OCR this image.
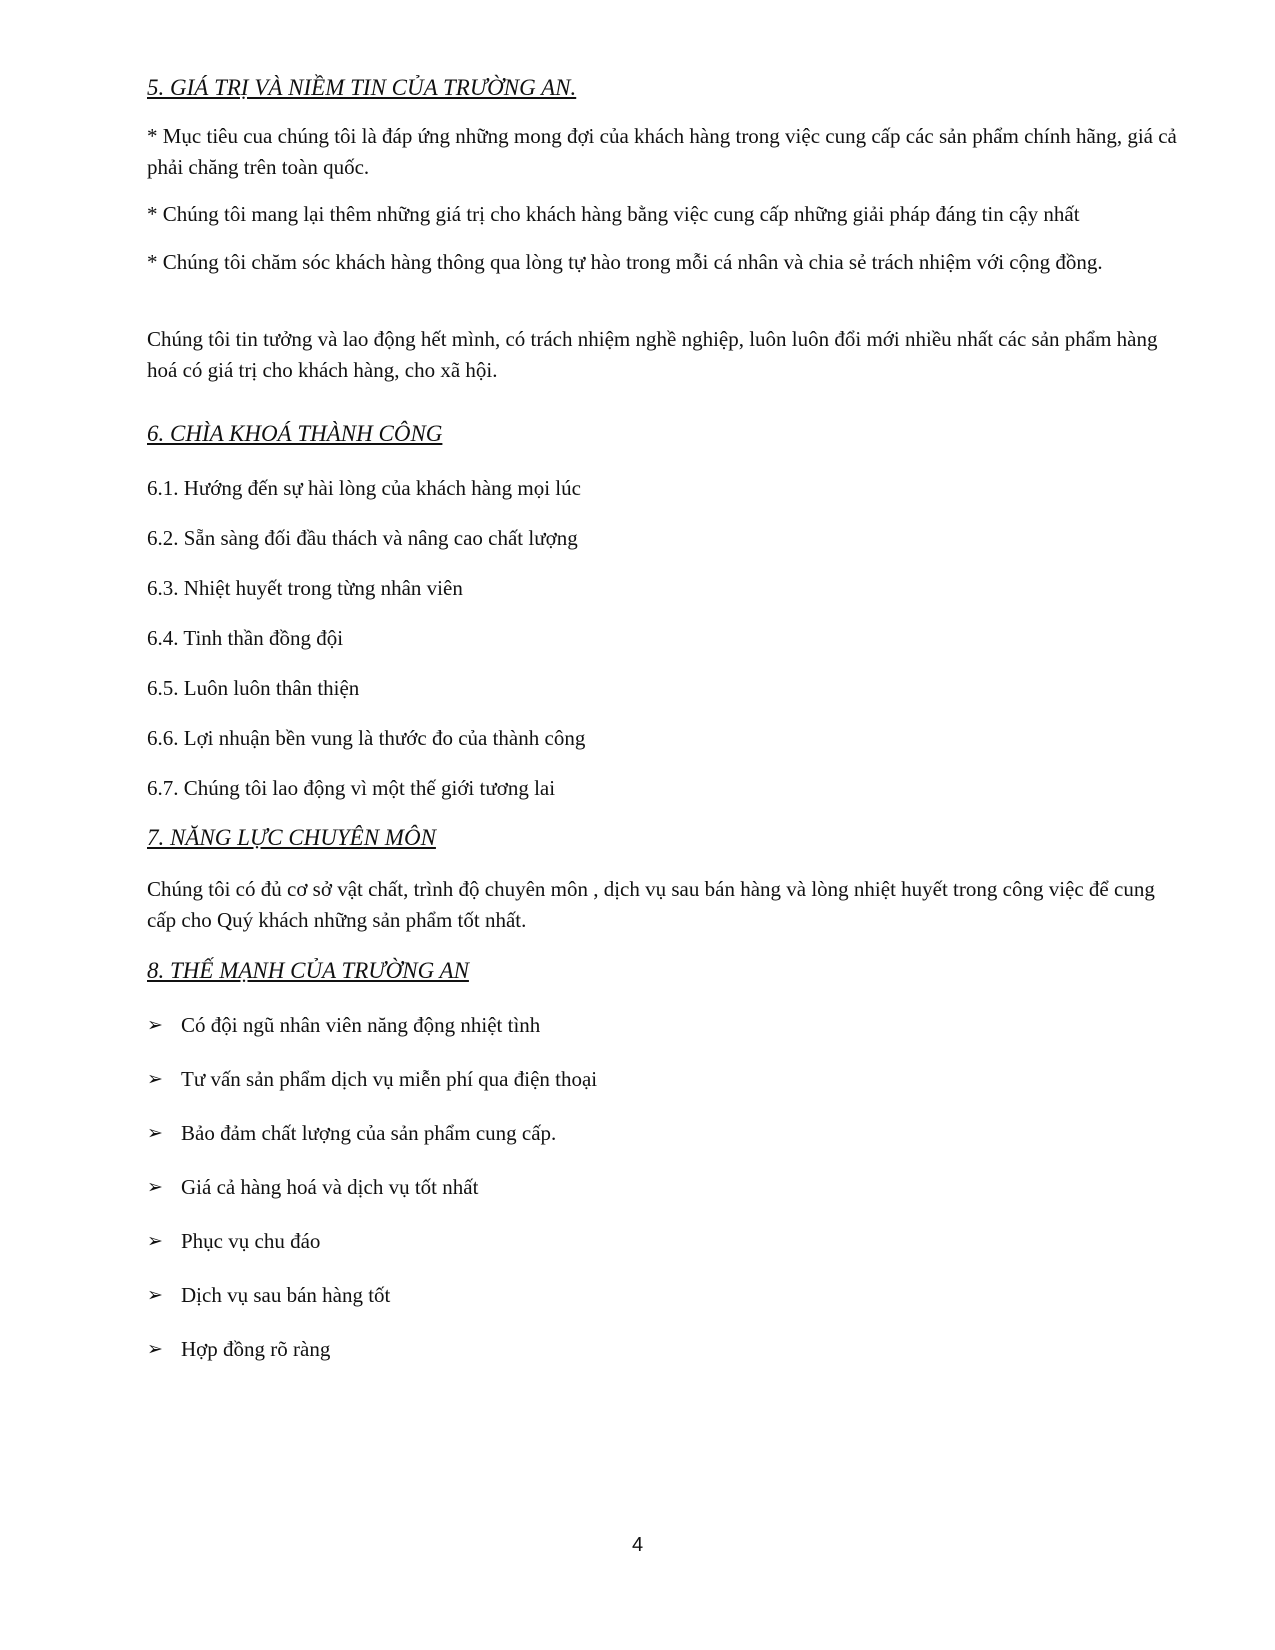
5. GIÁ TRỊ VÀ NIỀM TIN CỦA TRƯỜNG AN.

* Mục tiêu cua chúng tôi là đáp ứng những mong đợi của khách hàng trong việc cung cấp các sản phẩm chính hãng, giá cả phải chăng trên toàn quốc.

* Chúng tôi mang lại thêm những giá trị cho khách hàng bằng việc cung cấp những giải pháp đáng tin cậy nhất

* Chúng tôi chăm sóc khách hàng thông qua lòng tự hào trong mỗi cá nhân và chia sẻ trách nhiệm với cộng đồng.

Chúng tôi tin tưởng và lao động hết mình, có trách nhiệm nghề nghiệp, luôn luôn đổi mới nhiều nhất các sản phẩm hàng hoá có giá trị cho khách hàng, cho xã hội.

6. CHÌA KHOÁ THÀNH CÔNG

6.1. Hướng đến sự hài lòng của khách hàng mọi lúc

6.2. Sẵn sàng đối đầu thách và nâng cao chất lượng

6.3. Nhiệt huyết trong từng nhân viên

6.4. Tinh thần đồng đội

6.5. Luôn luôn thân thiện

6.6. Lợi nhuận bền vung là thước đo của thành công

6.7. Chúng tôi lao động vì một thế giới tương lai

7. NĂNG LỰC CHUYÊN MÔN

Chúng tôi có đủ cơ sở vật chất, trình độ chuyên môn , dịch vụ sau bán hàng và lòng nhiệt huyết trong công việc để cung cấp cho Quý khách những sản phẩm tốt nhất.

8. THẾ MẠNH CỦA TRƯỜNG AN
➢ Có đội ngũ nhân viên năng động nhiệt tình
➢ Tư vấn sản phẩm dịch vụ miễn phí qua điện thoại
➢ Bảo đảm chất lượng của sản phẩm cung cấp.
➢ Giá cả hàng hoá và dịch vụ tốt nhất
➢ Phục vụ chu đáo
➢ Dịch vụ sau bán hàng tốt
➢ Hợp đồng rõ ràng
4
